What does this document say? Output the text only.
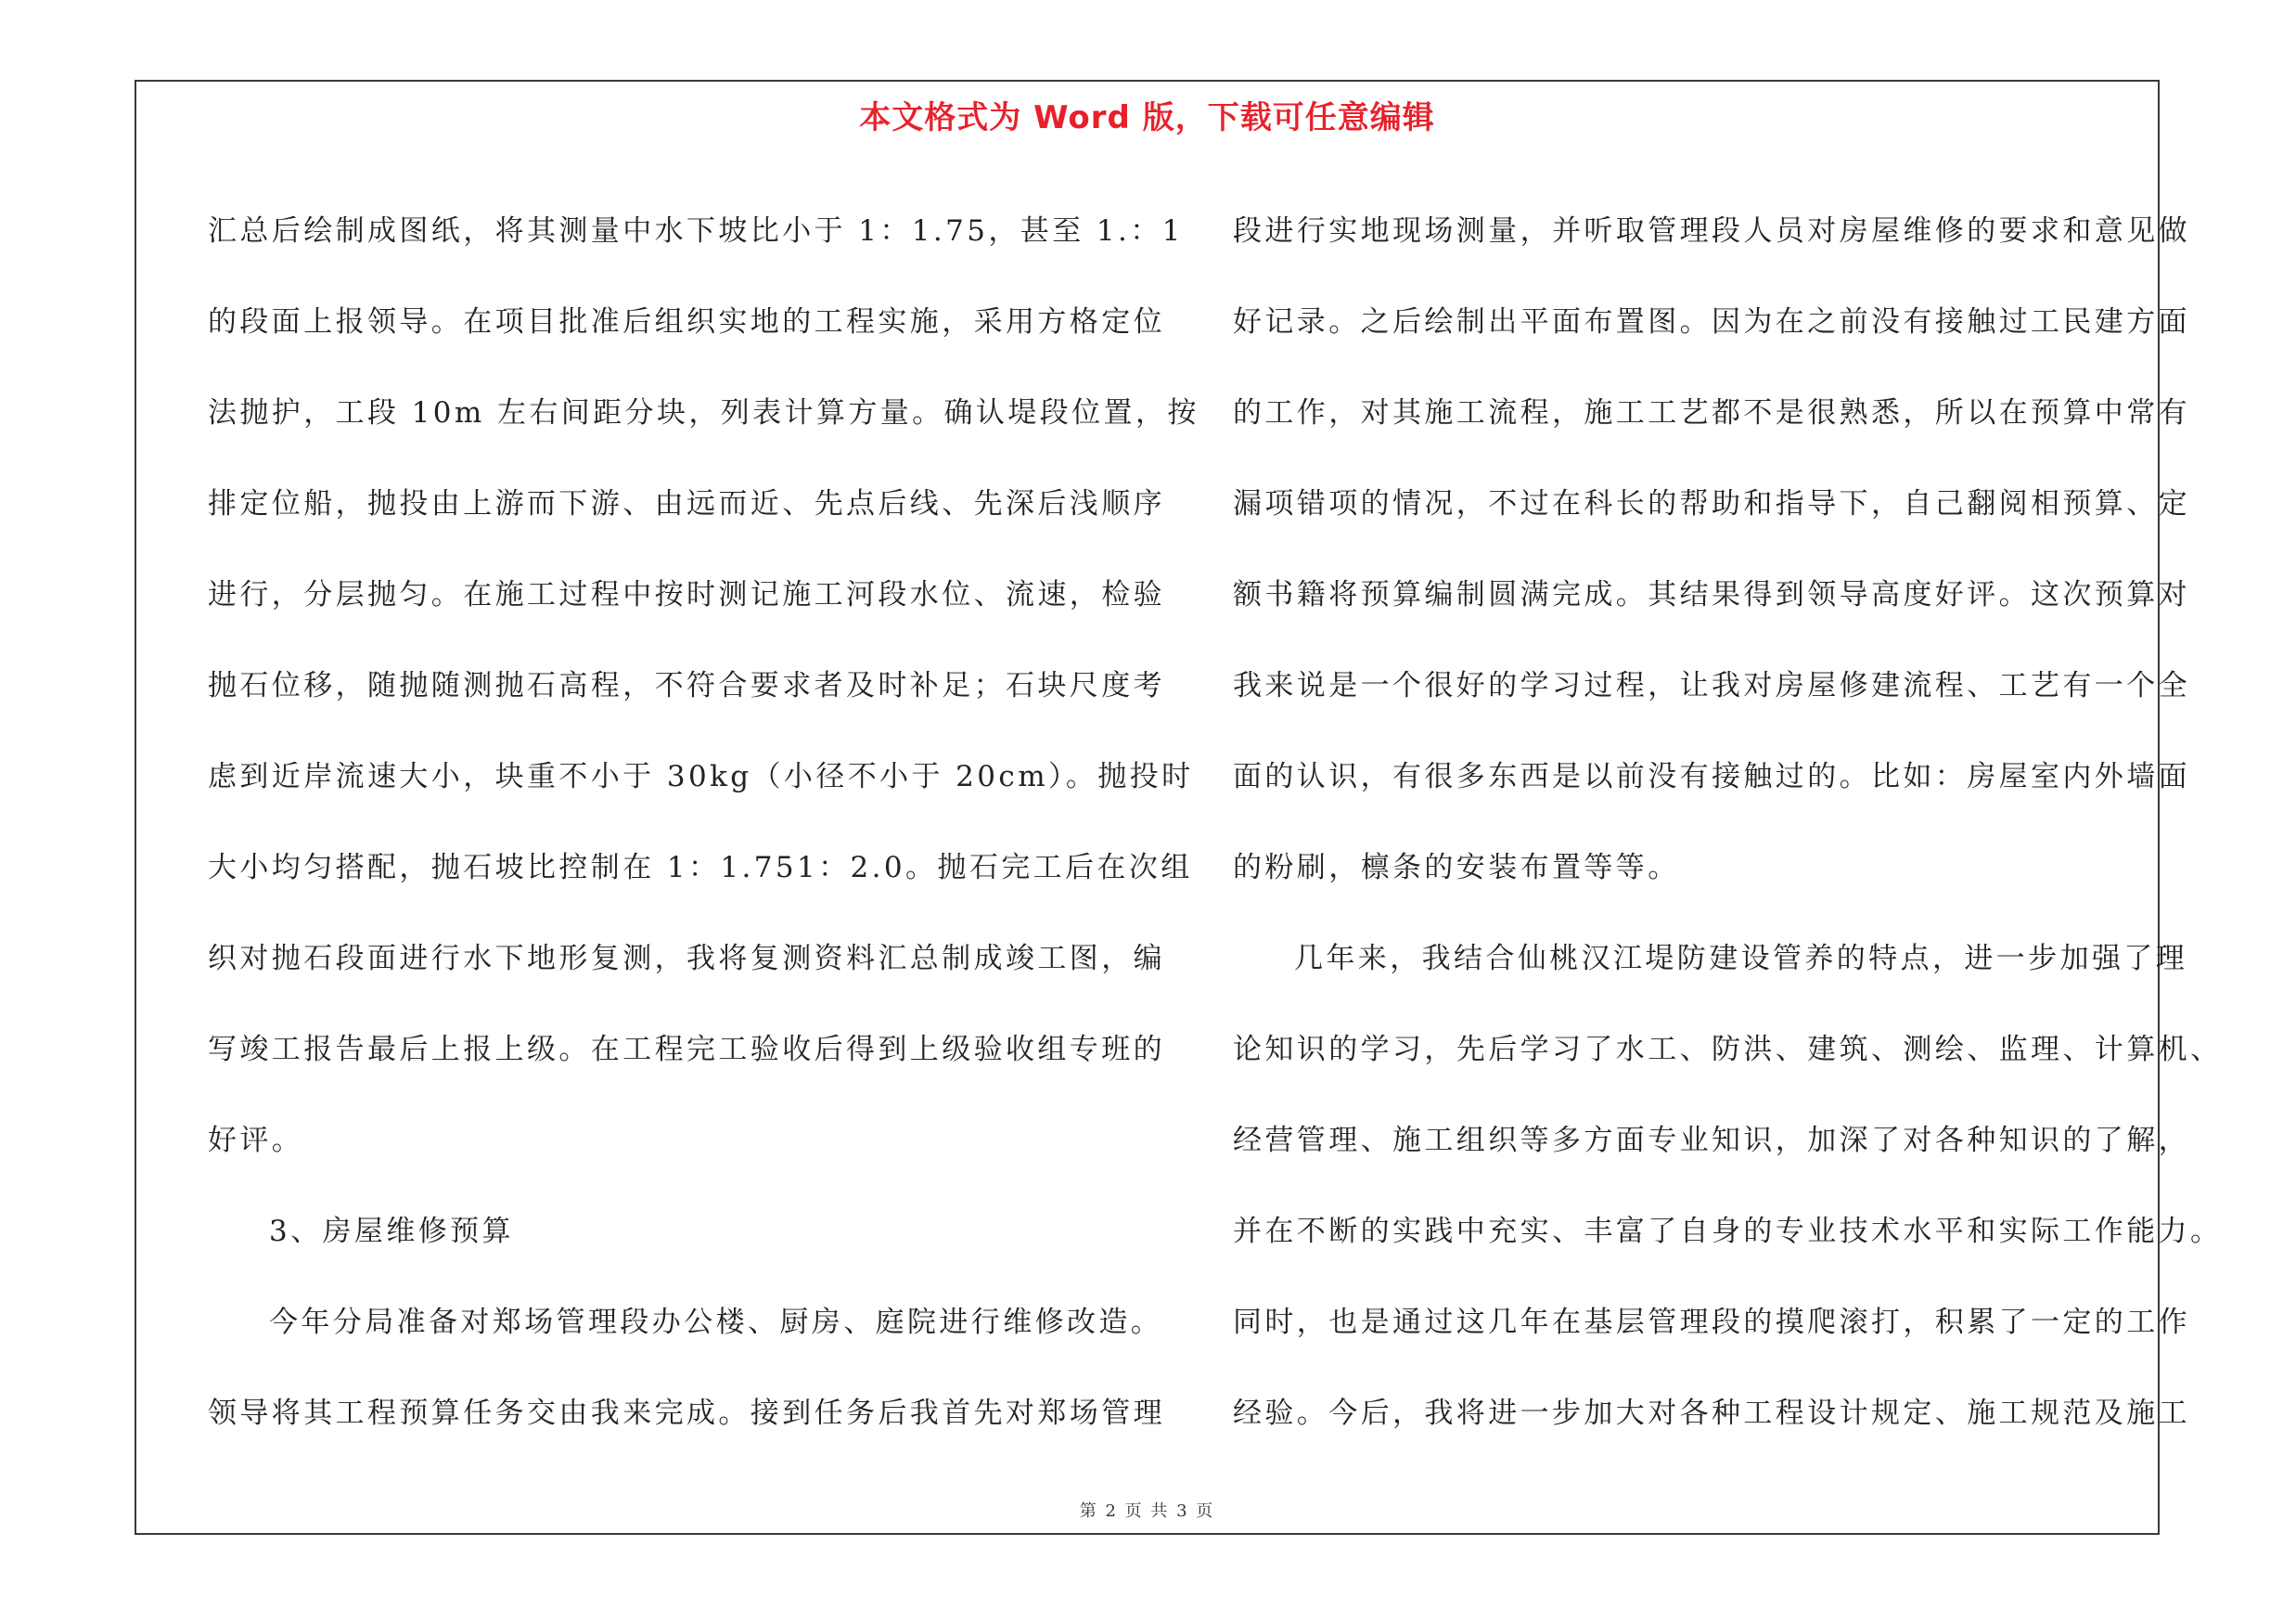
本文格式为 Word 版，下载可任意编辑
汇总后绘制成图纸，将其测量中水下坡比小于 1：1.75，甚至 1.：1
的段面上报领导。在项目批准后组织实地的工程实施，采用方格定位
法抛护，工段 10m 左右间距分块，列表计算方量。确认堤段位置，按
排定位船，抛投由上游而下游、由远而近、先点后线、先深后浅顺序
进行，分层抛匀。在施工过程中按时测记施工河段水位、流速，检验
抛石位移，随抛随测抛石高程，不符合要求者及时补足；石块尺度考
虑到近岸流速大小，块重不小于 30kg（小径不小于 20cm）。抛投时
大小均匀搭配，抛石坡比控制在 1：1.751：2.0。抛石完工后在次组
织对抛石段面进行水下地形复测，我将复测资料汇总制成竣工图，编
写竣工报告最后上报上级。在工程完工验收后得到上级验收组专班的
好评。
3、房屋维修预算
今年分局准备对郑场管理段办公楼、厨房、庭院进行维修改造。
领导将其工程预算任务交由我来完成。接到任务后我首先对郑场管理
段进行实地现场测量，并听取管理段人员对房屋维修的要求和意见做
好记录。之后绘制出平面布置图。因为在之前没有接触过工民建方面
的工作，对其施工流程，施工工艺都不是很熟悉，所以在预算中常有
漏项错项的情况，不过在科长的帮助和指导下，自己翻阅相预算、定
额书籍将预算编制圆满完成。其结果得到领导高度好评。这次预算对
我来说是一个很好的学习过程，让我对房屋修建流程、工艺有一个全
面的认识，有很多东西是以前没有接触过的。比如：房屋室内外墙面
的粉刷，檩条的安装布置等等。
几年来，我结合仙桃汉江堤防建设管养的特点，进一步加强了理
论知识的学习，先后学习了水工、防洪、建筑、测绘、监理、计算机、
经营管理、施工组织等多方面专业知识，加深了对各种知识的了解，
并在不断的实践中充实、丰富了自身的专业技术水平和实际工作能力。
同时，也是通过这几年在基层管理段的摸爬滚打，积累了一定的工作
经验。今后，我将进一步加大对各种工程设计规定、施工规范及施工
第 2 页 共 3 页
